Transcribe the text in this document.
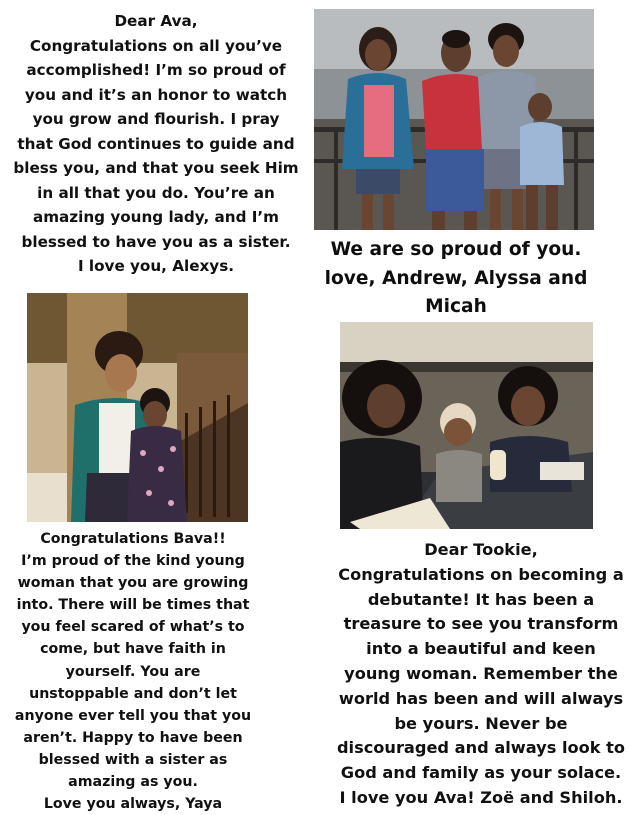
Dear Ava,
Congratulations on all you’ve
accomplished! I’m so proud of
you and it’s an honor to watch
you grow and flourish. I pray
that God continues to guide and
bless you, and that you seek Him
in all that you do. You’re an
amazing young lady, and I’m
blessed to have you as a sister.
I love you, Alexys.
We are so proud of you.
love, Andrew, Alyssa and
Micah
Congratulations Bava!!
I’m proud of the kind young
woman that you are growing
into. There will be times that
you feel scared of what’s to
come, but have faith in
yourself. You are
unstoppable and don’t let
anyone ever tell you that you
aren’t. Happy to have been
blessed with a sister as
amazing as you.
Love you always, Yaya
Dear Tookie,
Congratulations on becoming a
debutante! It has been a
treasure to see you transform
into a beautiful and keen
young woman. Remember the
world has been and will always
be yours. Never be
discouraged and always look to
God and family as your solace.
I love you Ava! Zoë and Shiloh.
